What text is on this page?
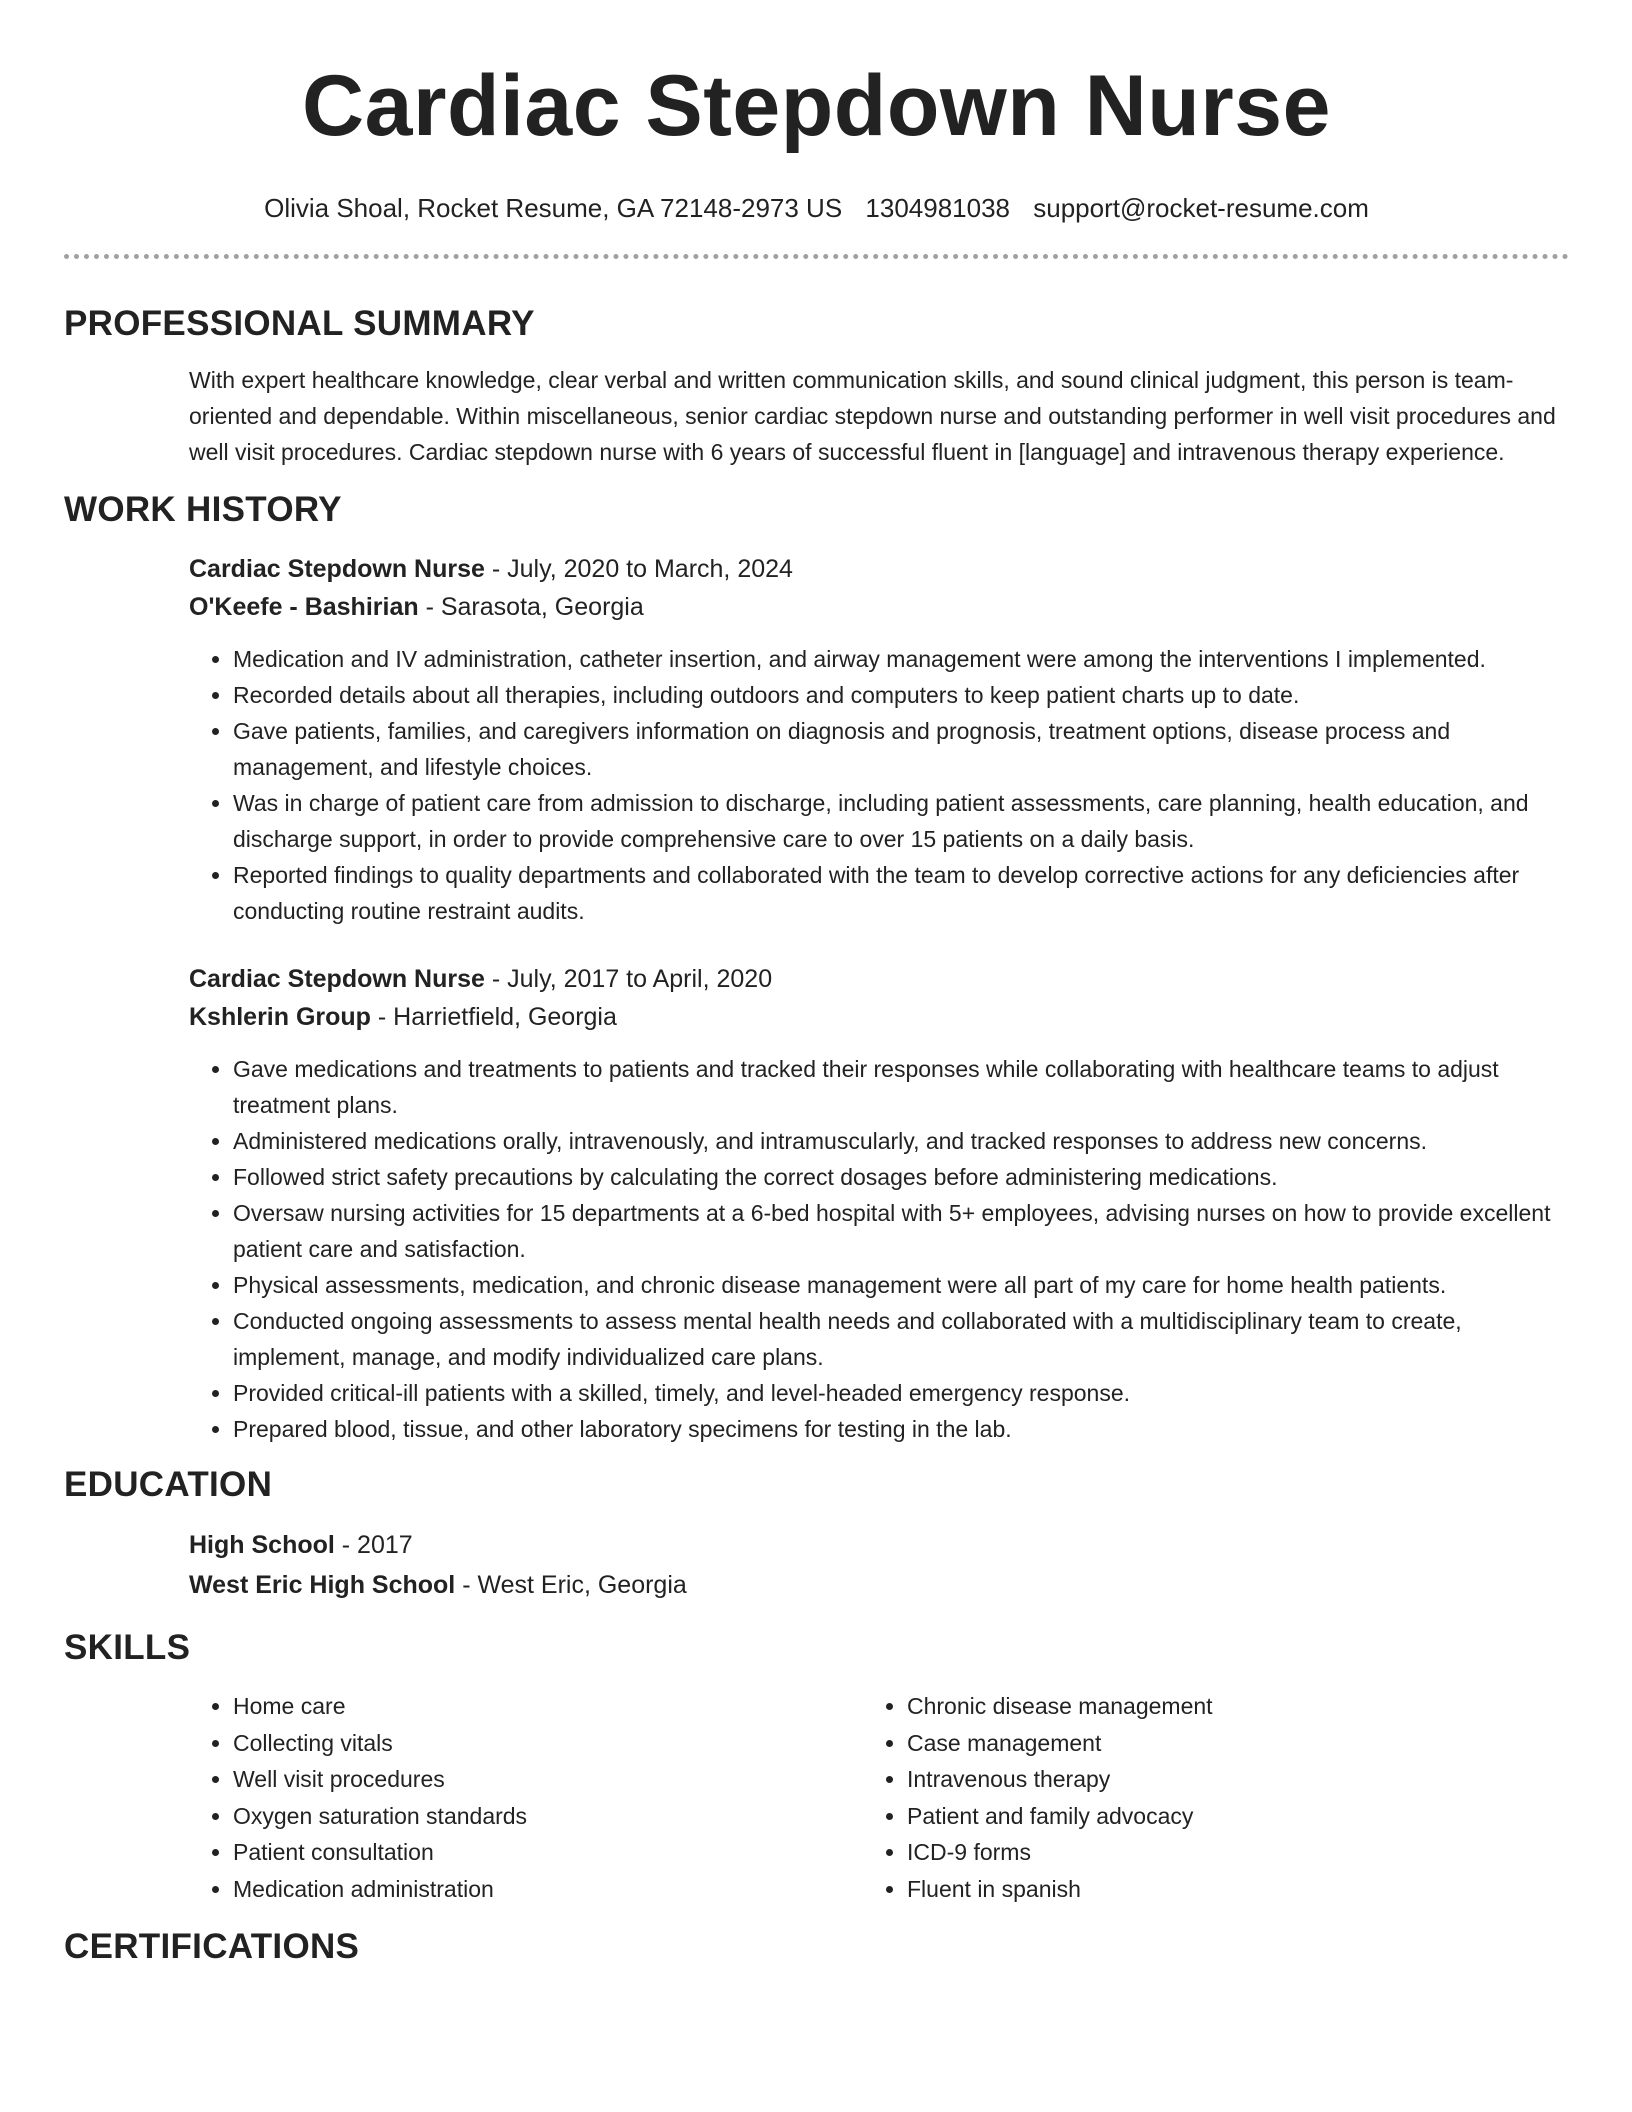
Cardiac Stepdown Nurse
Olivia Shoal, Rocket Resume, GA 72148-2973 US 1304981038 support@rocket-resume.com
PROFESSIONAL SUMMARY

With expert healthcare knowledge, clear verbal and written communication skills, and sound clinical judgment, this person is team-oriented and dependable. Within miscellaneous, senior cardiac stepdown nurse and outstanding performer in well visit procedures and well visit procedures. Cardiac stepdown nurse with 6 years of successful fluent in [language] and intravenous therapy experience.

WORK HISTORY
Cardiac Stepdown Nurse - July, 2020 to March, 2024
O'Keefe - Bashirian - Sarasota, Georgia
• Medication and IV administration, catheter insertion, and airway management were among the interventions I implemented.
• Recorded details about all therapies, including outdoors and computers to keep patient charts up to date.
• Gave patients, families, and caregivers information on diagnosis and prognosis, treatment options, disease process and management, and lifestyle choices.
• Was in charge of patient care from admission to discharge, including patient assessments, care planning, health education, and discharge support, in order to provide comprehensive care to over 15 patients on a daily basis.
• Reported findings to quality departments and collaborated with the team to develop corrective actions for any deficiencies after conducting routine restraint audits.
Cardiac Stepdown Nurse - July, 2017 to April, 2020
Kshlerin Group - Harrietfield, Georgia
• Gave medications and treatments to patients and tracked their responses while collaborating with healthcare teams to adjust treatment plans.
• Administered medications orally, intravenously, and intramuscularly, and tracked responses to address new concerns.
• Followed strict safety precautions by calculating the correct dosages before administering medications.
• Oversaw nursing activities for 15 departments at a 6-bed hospital with 5+ employees, advising nurses on how to provide excellent patient care and satisfaction.
• Physical assessments, medication, and chronic disease management were all part of my care for home health patients.
• Conducted ongoing assessments to assess mental health needs and collaborated with a multidisciplinary team to create, implement, manage, and modify individualized care plans.
• Provided critical-ill patients with a skilled, timely, and level-headed emergency response.
• Prepared blood, tissue, and other laboratory specimens for testing in the lab.
EDUCATION
High School - 2017
West Eric High School - West Eric, Georgia
SKILLS
• Home care
• Collecting vitals
• Well visit procedures
• Oxygen saturation standards
• Patient consultation
• Medication administration
• Chronic disease management
• Case management
• Intravenous therapy
• Patient and family advocacy
• ICD-9 forms
• Fluent in spanish
CERTIFICATIONS
